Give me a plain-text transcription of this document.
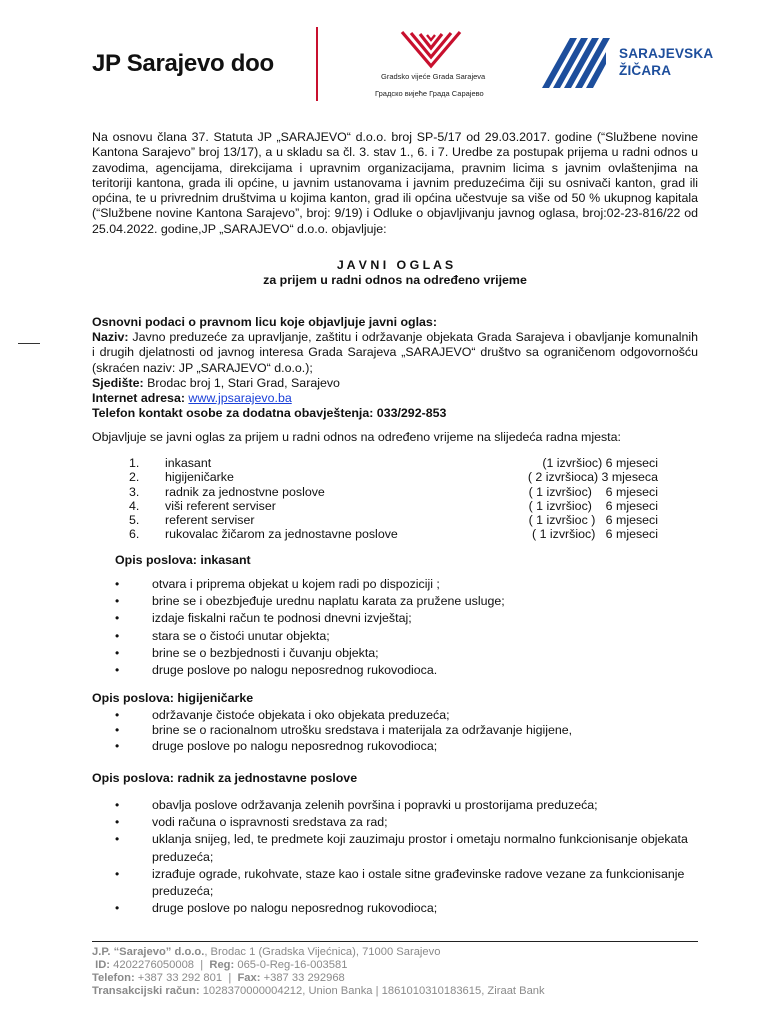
JP Sarajevo doo	Gradsko vijeće Grada Sarajeva
Градско вијеће Града Сарајево
SARAJEVSKA
ŽIČARA
Na osnovu člana 37. Statuta JP „SARAJEVO“ d.o.o. broj SP-5/17 od 29.03.2017. godine (“Službene novine Kantona Sarajevo” broj 13/17), a u skladu sa čl. 3. stav 1., 6. i 7. Uredbe za postupak prijema u radni odnos u zavodima, agencijama, direkcijama i upravnim organizacijama, pravnim licima s javnim ovlaštenjima na teritoriji kantona, grada ili općine, u javnim ustanovama i javnim preduzećima čiji su osnivači kanton, grad ili općina, te u privrednim društvima u kojima kanton, grad ili općina učestvuje sa više od 50 % ukupnog kapitala (“Službene novine Kantona Sarajevo”, broj: 9/19) i Odluke o objavljivanju javnog oglasa, broj:02-23-816/22 od 25.04.2022. godine,JP „SARAJEVO“ d.o.o. objavljuje:
J A V N I   O G L A S
za prijem u radni odnos na određeno vrijeme
Osnovni podaci o pravnom licu koje objavljuje javni oglas:
Naziv: Javno preduzeće za upravljanje, zaštitu i održavanje objekata Grada Sarajeva i obavljanje komunalnih i drugih djelatnosti od javnog interesa Grada Sarajeva „SARAJEVO“ društvo sa ograničenom odgovornošću (skraćen naziv: JP „SARAJEVO“ d.o.o.);
Sjedište: Brodac broj 1, Stari Grad, Sarajevo
Internet adresa: www.jpsarajevo.ba
Telefon kontakt osobe za dodatna obavještenja: 033/292-853
Objavljuje se javni oglas za prijem u radni odnos na određeno vrijeme na slijedeća radna mjesta:
1. inkasant	(1 izvršioc) 6 mjeseci
2. higijeničarke	( 2 izvršioca) 3 mjeseca
3. radnik za jednostvne poslove	( 1 izvršioc)    6 mjeseci
4. viši referent serviser	( 1 izvršioc)    6 mjeseci
5. referent serviser	( 1 izvršioc )   6 mjeseci
6. rukovalac žičarom za jednostavne poslove	( 1 izvršioc)   6 mjeseci
Opis poslova: inkasant
• otvara i priprema objekat u kojem radi po dispoziciji ;
• brine se i obezbjeđuje urednu naplatu karata za pružene usluge;
• izdaje fiskalni račun te podnosi dnevni izvještaj;
• stara se o čistoći unutar objekta;
• brine se o bezbjednosti i čuvanju objekta;
• druge poslove po nalogu neposrednog rukovodioca.
Opis poslova: higijeničarke
• održavanje čistoće objekata i oko objekata preduzeća;
• brine se o racionalnom utrošku sredstava i materijala za održavanje higijene,
• druge poslove po nalogu neposrednog rukovodioca;
Opis poslova: radnik za jednostavne poslove
• obavlja poslove održavanja zelenih površina i popravki u prostorijama preduzeća;
• vodi računa o ispravnosti sredstava za rad;
• uklanja snijeg, led, te predmete koji zauzimaju prostor i ometaju normalno funkcionisanje objekata preduzeća;
• izrađuje ograde, rukohvate, staze kao i ostale sitne građevinske radove vezane za funkcionisanje preduzeća;
• druge poslove po nalogu neposrednog rukovodioca;
J.P. “Sarajevo” d.o.o., Brodac 1 (Gradska Vijećnica), 71000 Sarajevo
ID: 4202276050008  |  Reg: 065-0-Reg-16-003581
Telefon: +387 33 292 801  |  Fax: +387 33 292968
Transakcijski račun: 1028370000004212, Union Banka | 1861010310183615, Ziraat Bank
